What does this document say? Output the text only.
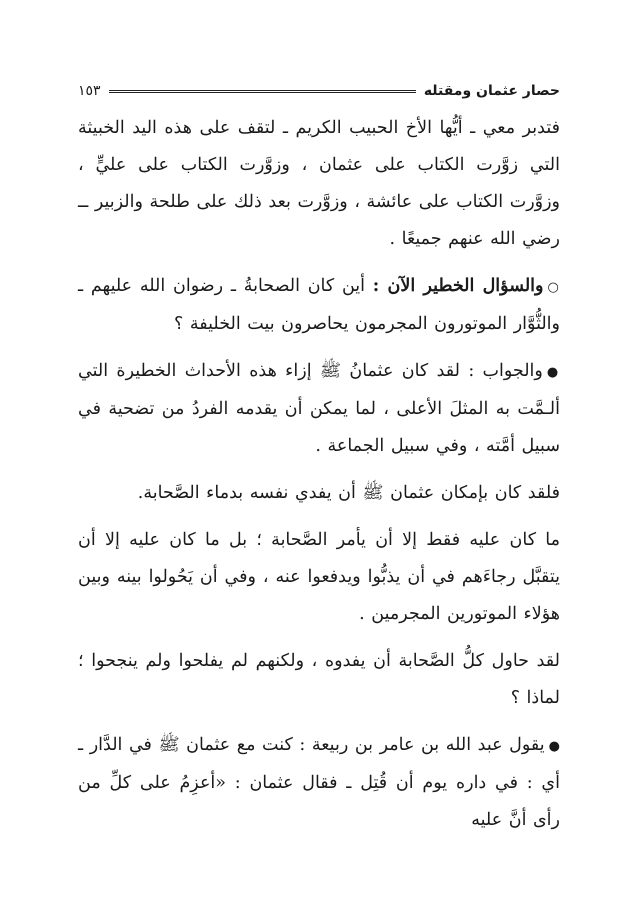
حصار عثمان ومقتله
١٥٣

فتدبر معي ـ أيُّها الأخ الحبيب الكريم ـ لتقف على هذه اليد الخبيثة التي زوَّرت الكتاب على عثمان ، وزوَّرت الكتاب على عليٍّ ، وزوَّرت الكتاب على عائشة ، وزوَّرت بعد ذلك على طلحة والزبير ــ رضي الله عنهم جميعًا .

○والسؤال الخطير الآن : أين كان الصحابةُ ـ رضوان الله عليهم ـ والثُّوَّار الموتورون المجرمون يحاصرون بيت الخليفة ؟

●والجواب : لقد كان عثمانُ ﷺ إزاء هذه الأحداث الخطيرة التي ألـمَّت به المثلَ الأعلى ، لما يمكن أن يقدمه الفردُ من تضحية في سبيل أمَّته ، وفي سبيل الجماعة .

فلقد كان بإمكان عثمان ﷺ أن يفدي نفسه بدماء الصَّحابة.

ما كان عليه فقط إلا أن يأمر الصَّحابة ؛ بل ما كان عليه إلا أن يتقبَّل رجاءَهم في أن يذبُّوا ويدفعوا عنه ، وفي أن يَحُولوا بينه وبين هؤلاء الموتورين المجرمين .

لقد حاول كلُّ الصَّحابة أن يفدوه ، ولكنهم لم يفلحوا ولم ينجحوا ؛ لماذا ؟

●يقول عبد الله بن عامر بن ربيعة : كنت مع عثمان ﷺ في الدَّار ـ أي : في داره يوم أن قُتِل ـ فقال عثمان : «أعزِمُ على كلِّ من رأى أنَّ عليه
